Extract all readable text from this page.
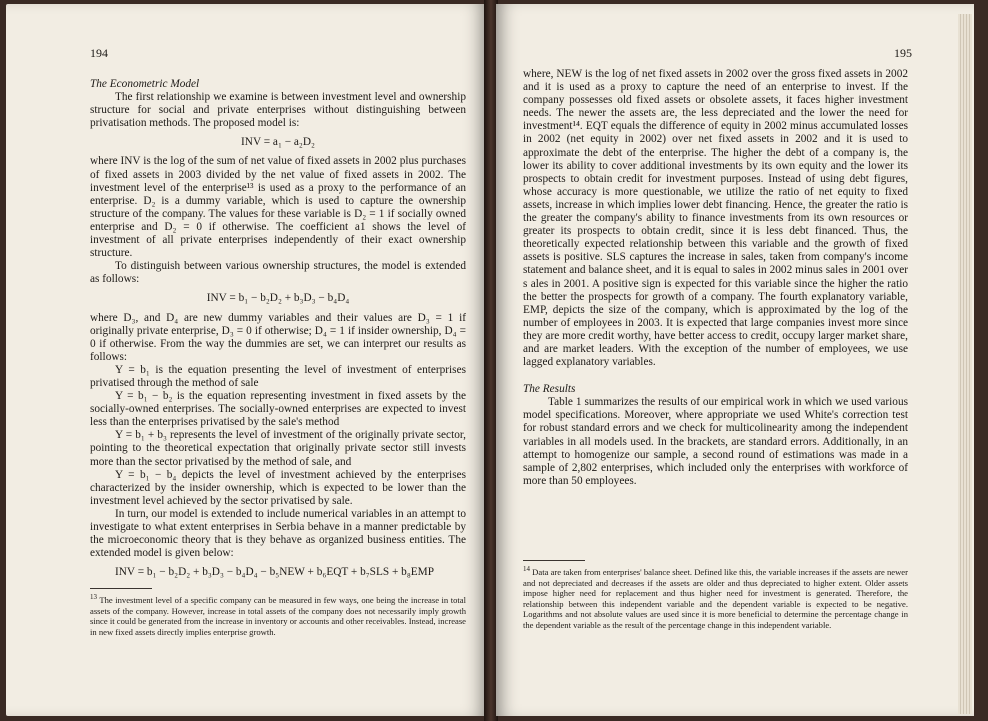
194

The Econometric Model

The first relationship we examine is between investment level and ownership structure for social and private enterprises without distinguishing between privatisation methods. The proposed model is:

INV = a₁ − a₂D₂

where INV is the log of the sum of net value of fixed assets in 2002 plus purchases of fixed assets in 2003 divided by the net value of fixed assets in 2002. The investment level of the enterprise¹³ is used as a proxy to the performance of an enterprise. D₂ is a dummy variable, which is used to capture the ownership structure of the company. The values for these variable is D₂ = 1 if socially owned enterprise and D₂ = 0 if otherwise. The coefficient a1 shows the level of investment of all private enterprises independently of their exact ownership structure.

To distinguish between various ownership structures, the model is extended as follows:

INV = b₁ − b₂D₂ + b₃D₃ − b₄D₄

where D₃, and D₄ are new dummy variables and their values are D₃ = 1 if originally private enterprise, D₃ = 0 if otherwise; D₄ = 1 if insider ownership, D₄ = 0 if otherwise. From the way the dummies are set, we can interpret our results as follows:

Y = b₁ is the equation presenting the level of investment of enterprises privatised through the method of sale

Y = b₁ − b₂ is the equation representing investment in fixed assets by the socially-owned enterprises. The socially-owned enterprises are expected to invest less than the enterprises privatised by the sale's method

Y = b₁ + b₃ represents the level of investment of the originally private sector, pointing to the theoretical expectation that originally private sector still invests more than the sector privatised by the method of sale, and

Y = b₁ − b₄ depicts the level of investment achieved by the enterprises characterized by the insider ownership, which is expected to be lower than the investment level achieved by the sector privatised by sale.

In turn, our model is extended to include numerical variables in an attempt to investigate to what extent enterprises in Serbia behave in a manner predictable by the microeconomic theory that is they behave as organized business entities. The extended model is given below:

INV = b₁ − b₂D₂ + b₃D₃ − b₄D₄ − b₅NEW + b₆EQT + b₇SLS + b₈EMP

$^{13}$ The investment level of a specific company can be measured in few ways, one being the increase in total assets of the company. However, increase in total assets of the company does not necessarily imply growth since it could be generated from the increase in inventory or accounts and other receivables. Instead, increase in new fixed assets directly implies enterprise growth.

195

where, NEW is the log of net fixed assets in 2002 over the gross fixed assets in 2002 and it is used as a proxy to capture the need of an enterprise to invest. If the company possesses old fixed assets or obsolete assets, it faces higher investment needs. The newer the assets are, the less depreciated and the lower the need for investment¹⁴. EQT equals the difference of equity in 2002 minus accumulated losses in 2002 (net equity in 2002) over net fixed assets in 2002 and it is used to approximate the debt of the enterprise. The higher the debt of a company is, the lower its ability to cover additional investments by its own equity and the lower its prospects to obtain credit for investment purposes. Instead of using debt figures, whose accuracy is more questionable, we utilize the ratio of net equity to fixed assets, increase in which implies lower debt financing. Hence, the greater the ratio is the greater the company's ability to finance investments from its own resources or greater its prospects to obtain credit, since it is less debt financed. Thus, the theoretically expected relationship between this variable and the growth of fixed assets is positive. SLS captures the increase in sales, taken from company's income statement and balance sheet, and it is equal to sales in 2002 minus sales in 2001 over s ales in 2001. A positive sign is expected for this variable since the higher the ratio the better the prospects for growth of a company. The fourth explanatory variable, EMP, depicts the size of the company, which is approximated by the log of the number of employees in 2003. It is expected that large companies invest more since they are more credit worthy, have better access to credit, occupy larger market share, and are market leaders. With the exception of the number of employees, we use lagged explanatory variables.

The Results

Table 1 summarizes the results of our empirical work in which we used various model specifications. Moreover, where appropriate we used White's correction test for robust standard errors and we check for multicolinearity among the independent variables in all models used. In the brackets, are standard errors. Additionally, in an attempt to homogenize our sample, a second round of estimations was made in a sample of 2,802 enterprises, which included only the enterprises with workforce of more than 50 employees.

$^{14}$ Data are taken from enterprises' balance sheet. Defined like this, the variable increases if the assets are newer and not depreciated and decreases if the assets are older and thus depreciated to higher extent. Older assets impose higher need for replacement and thus higher need for investment is generated. Therefore, the relationship between this independent variable and the dependent variable is expected to be negative. Logarithms and not absolute values are used since it is more beneficial to determine the percentage change in the dependent variable as the result of the percentage change in this independent variable.
